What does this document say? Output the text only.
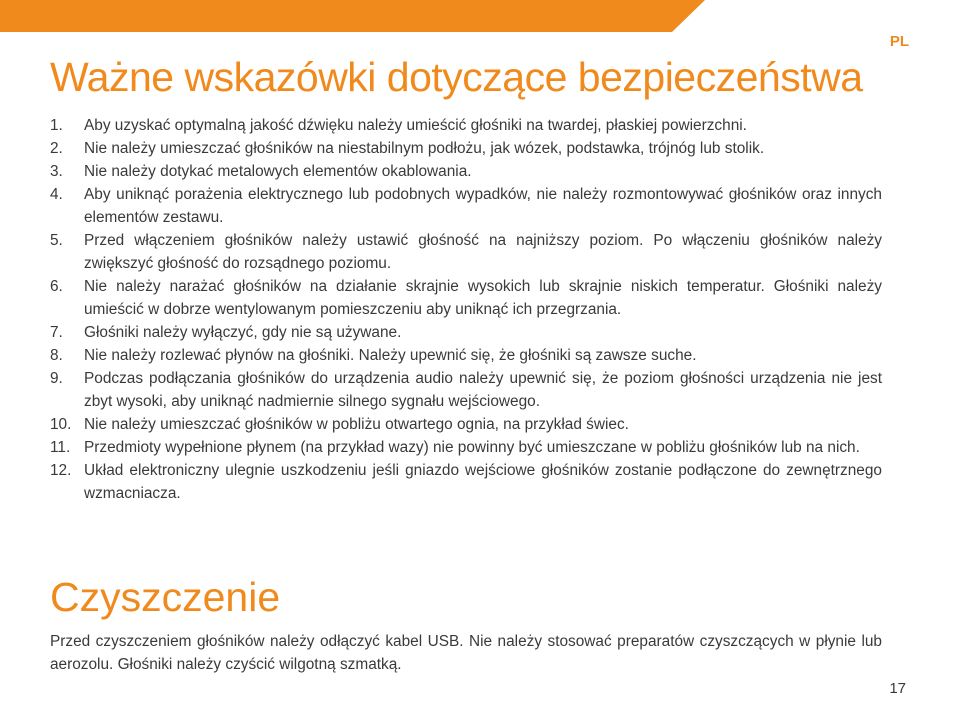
PL
Ważne wskazówki dotyczące bezpieczeństwa
1.	Aby uzyskać optymalną jakość dźwięku należy umieścić głośniki na twardej, płaskiej powierzchni.
2.	Nie należy umieszczać głośników na niestabilnym podłożu, jak wózek, podstawka, trójnóg lub stolik.
3.	Nie należy dotykać metalowych elementów okablowania.
4.	Aby uniknąć porażenia elektrycznego lub podobnych wypadków, nie należy rozmontowywać głośników oraz innych elementów zestawu.
5.	Przed włączeniem głośników należy ustawić głośność na najniższy poziom. Po włączeniu głośników należy zwiększyć głośność do rozsądnego poziomu.
6.	Nie należy narażać głośników na działanie skrajnie wysokich lub skrajnie niskich temperatur. Głośniki należy umieścić w dobrze wentylowanym pomieszczeniu aby uniknąć ich przegrzania.
7.	Głośniki należy wyłączyć, gdy nie są używane.
8.	Nie należy rozlewać płynów na głośniki. Należy upewnić się, że głośniki są zawsze suche.
9.	Podczas podłączania głośników do urządzenia audio należy upewnić się, że poziom głośności urządzenia nie jest zbyt wysoki, aby uniknąć nadmiernie silnego sygnału wejściowego.
10. Nie należy umieszczać głośników w pobliżu otwartego ognia, na przykład świec.
11. Przedmioty wypełnione płynem (na przykład wazy) nie powinny być umieszczane w pobliżu głośników lub na nich.
12. Układ elektroniczny ulegnie uszkodzeniu jeśli gniazdo wejściowe głośników zostanie podłączone do zewnętrznego wzmacniacza.
Czyszczenie

Przed czyszczeniem głośników należy odłączyć kabel USB. Nie należy stosować preparatów czyszczących w płynie lub aerozolu. Głośniki należy czyścić wilgotną szmatką.

17
